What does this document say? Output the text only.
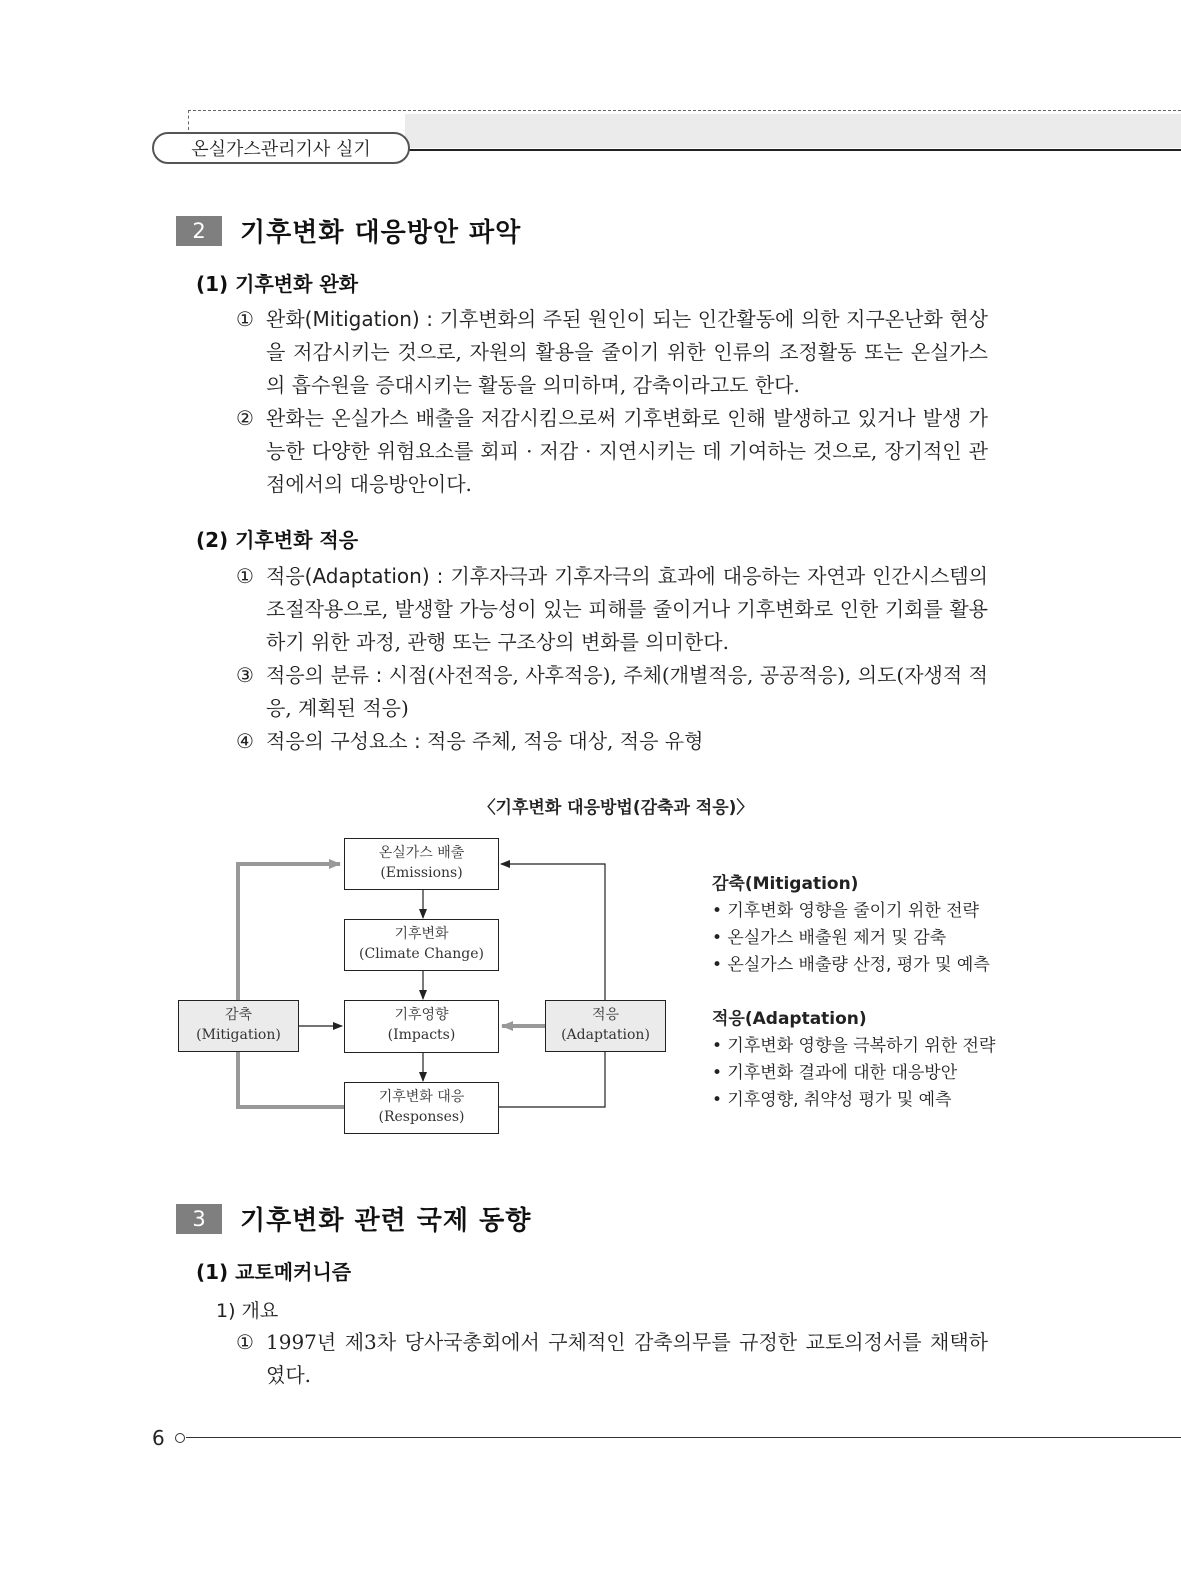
온실가스관리기사 실기
2	기후변화 대응방안 파악
(1) 기후변화 완화
① 완화(Mitigation) : 기후변화의 주된 원인이 되는 인간활동에 의한 지구온난화 현상을 저감시키는 것으로, 자원의 활용을 줄이기 위한 인류의 조정활동 또는 온실가스의 흡수원을 증대시키는 활동을 의미하며, 감축이라고도 한다.
② 완화는 온실가스 배출을 저감시킴으로써 기후변화로 인해 발생하고 있거나 발생 가능한 다양한 위험요소를 회피 · 저감 · 지연시키는 데 기여하는 것으로, 장기적인 관점에서의 대응방안이다.
(2) 기후변화 적응
① 적응(Adaptation) : 기후자극과 기후자극의 효과에 대응하는 자연과 인간시스템의 조절작용으로, 발생할 가능성이 있는 피해를 줄이거나 기후변화로 인한 기회를 활용하기 위한 과정, 관행 또는 구조상의 변화를 의미한다.
③ 적응의 분류 : 시점(사전적응, 사후적응), 주체(개별적응, 공공적응), 의도(자생적 적응, 계획된 적응)
④ 적응의 구성요소 : 적응 주체, 적응 대상, 적응 유형
〈기후변화 대응방법(감축과 적응)〉
온실가스 배출
(Emissions)
기후변화
(Climate Change)
기후영향
(Impacts)
기후변화 대응
(Responses)
감축
(Mitigation)
적응
(Adaptation)
감축(Mitigation)
• 기후변화 영향을 줄이기 위한 전략
• 온실가스 배출원 제거 및 감축
• 온실가스 배출량 산정, 평가 및 예측
적응(Adaptation)
• 기후변화 영향을 극복하기 위한 전략
• 기후변화 결과에 대한 대응방안
• 기후영향, 취약성 평가 및 예측
3	기후변화 관련 국제 동향
(1) 교토메커니즘
1) 개요
① 1997년 제3차 당사국총회에서 구체적인 감축의무를 규정한 교토의정서를 채택하였다.
6
